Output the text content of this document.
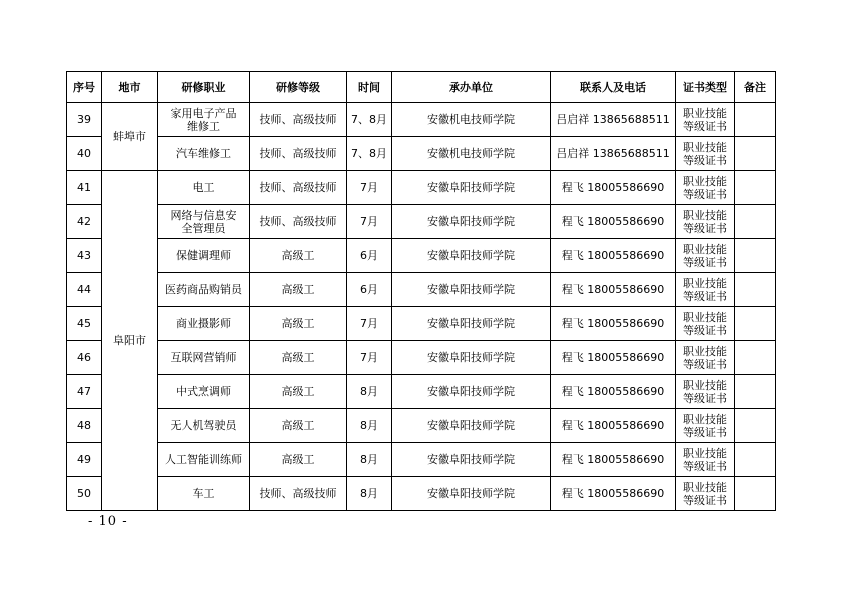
序号	地市	研修职业	研修等级	时间	承办单位	联系人及电话	证书类型	备注
39	蚌埠市	家用电子产品
维修工	技师、高级技师	7、8月	安徽机电技师学院	吕启祥 13865688511	职业技能
等级证书	
40		汽车维修工	技师、高级技师	7、8月	安徽机电技师学院	吕启祥 13865688511	职业技能
等级证书	
41	阜阳市	电工	技师、高级技师	7月	安徽阜阳技师学院	程飞 18005586690	职业技能
等级证书	
42		网络与信息安
全管理员	技师、高级技师	7月	安徽阜阳技师学院	程飞 18005586690	职业技能
等级证书	
43		保健调理师	高级工	6月	安徽阜阳技师学院	程飞 18005586690	职业技能
等级证书	
44		医药商品购销员	高级工	6月	安徽阜阳技师学院	程飞 18005586690	职业技能
等级证书	
45		商业摄影师	高级工	7月	安徽阜阳技师学院	程飞 18005586690	职业技能
等级证书	
46		互联网营销师	高级工	7月	安徽阜阳技师学院	程飞 18005586690	职业技能
等级证书	
47		中式烹调师	高级工	8月	安徽阜阳技师学院	程飞 18005586690	职业技能
等级证书	
48		无人机驾驶员	高级工	8月	安徽阜阳技师学院	程飞 18005586690	职业技能
等级证书	
49		人工智能训练师	高级工	8月	安徽阜阳技师学院	程飞 18005586690	职业技能
等级证书	
50		车工	技师、高级技师	8月	安徽阜阳技师学院	程飞 18005586690	职业技能
等级证书	
- 10 -
